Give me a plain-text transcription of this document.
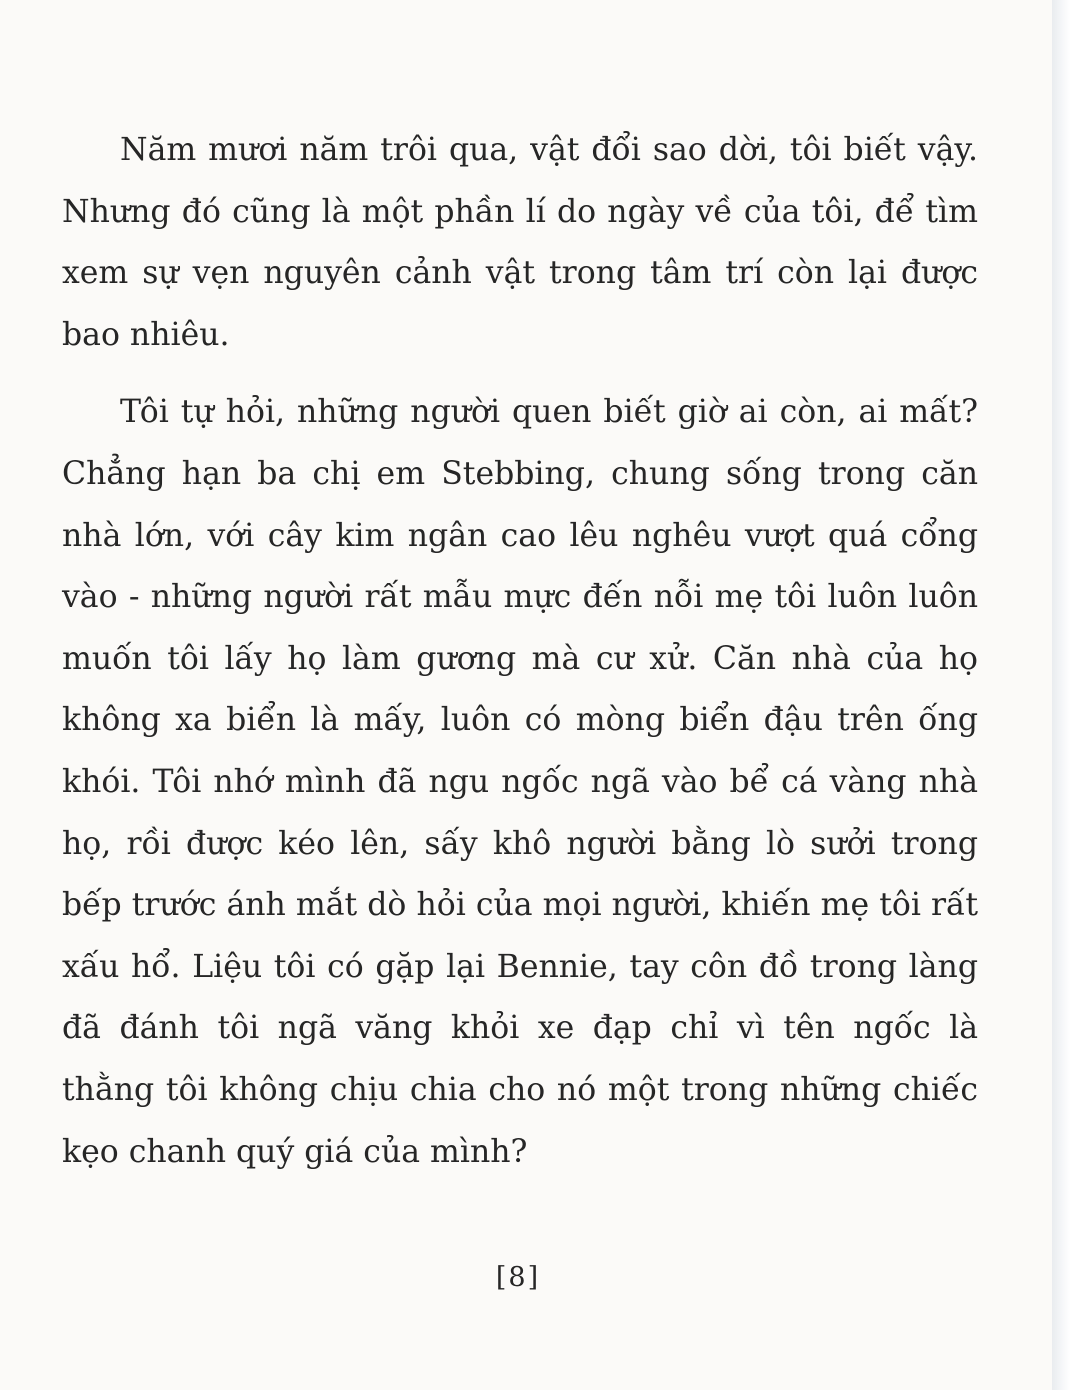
Năm mươi năm trôi qua, vật đổi sao dời, tôi biết vậy. Nhưng đó cũng là một phần lí do ngày về của tôi, để tìm xem sự vẹn nguyên cảnh vật trong tâm trí còn lại được bao nhiêu.

Tôi tự hỏi, những người quen biết giờ ai còn, ai mất? Chẳng hạn ba chị em Stebbing, chung sống trong căn nhà lớn, với cây kim ngân cao lêu nghêu vượt quá cổng vào - những người rất mẫu mực đến nỗi mẹ tôi luôn luôn muốn tôi lấy họ làm gương mà cư xử. Căn nhà của họ không xa biển là mấy, luôn có mòng biển đậu trên ống khói. Tôi nhớ mình đã ngu ngốc ngã vào bể cá vàng nhà họ, rồi được kéo lên, sấy khô người bằng lò sưởi trong bếp trước ánh mắt dò hỏi của mọi người, khiến mẹ tôi rất xấu hổ. Liệu tôi có gặp lại Bennie, tay côn đồ trong làng đã đánh tôi ngã văng khỏi xe đạp chỉ vì tên ngốc là thằng tôi không chịu chia cho nó một trong những chiếc kẹo chanh quý giá của mình?

[8]
